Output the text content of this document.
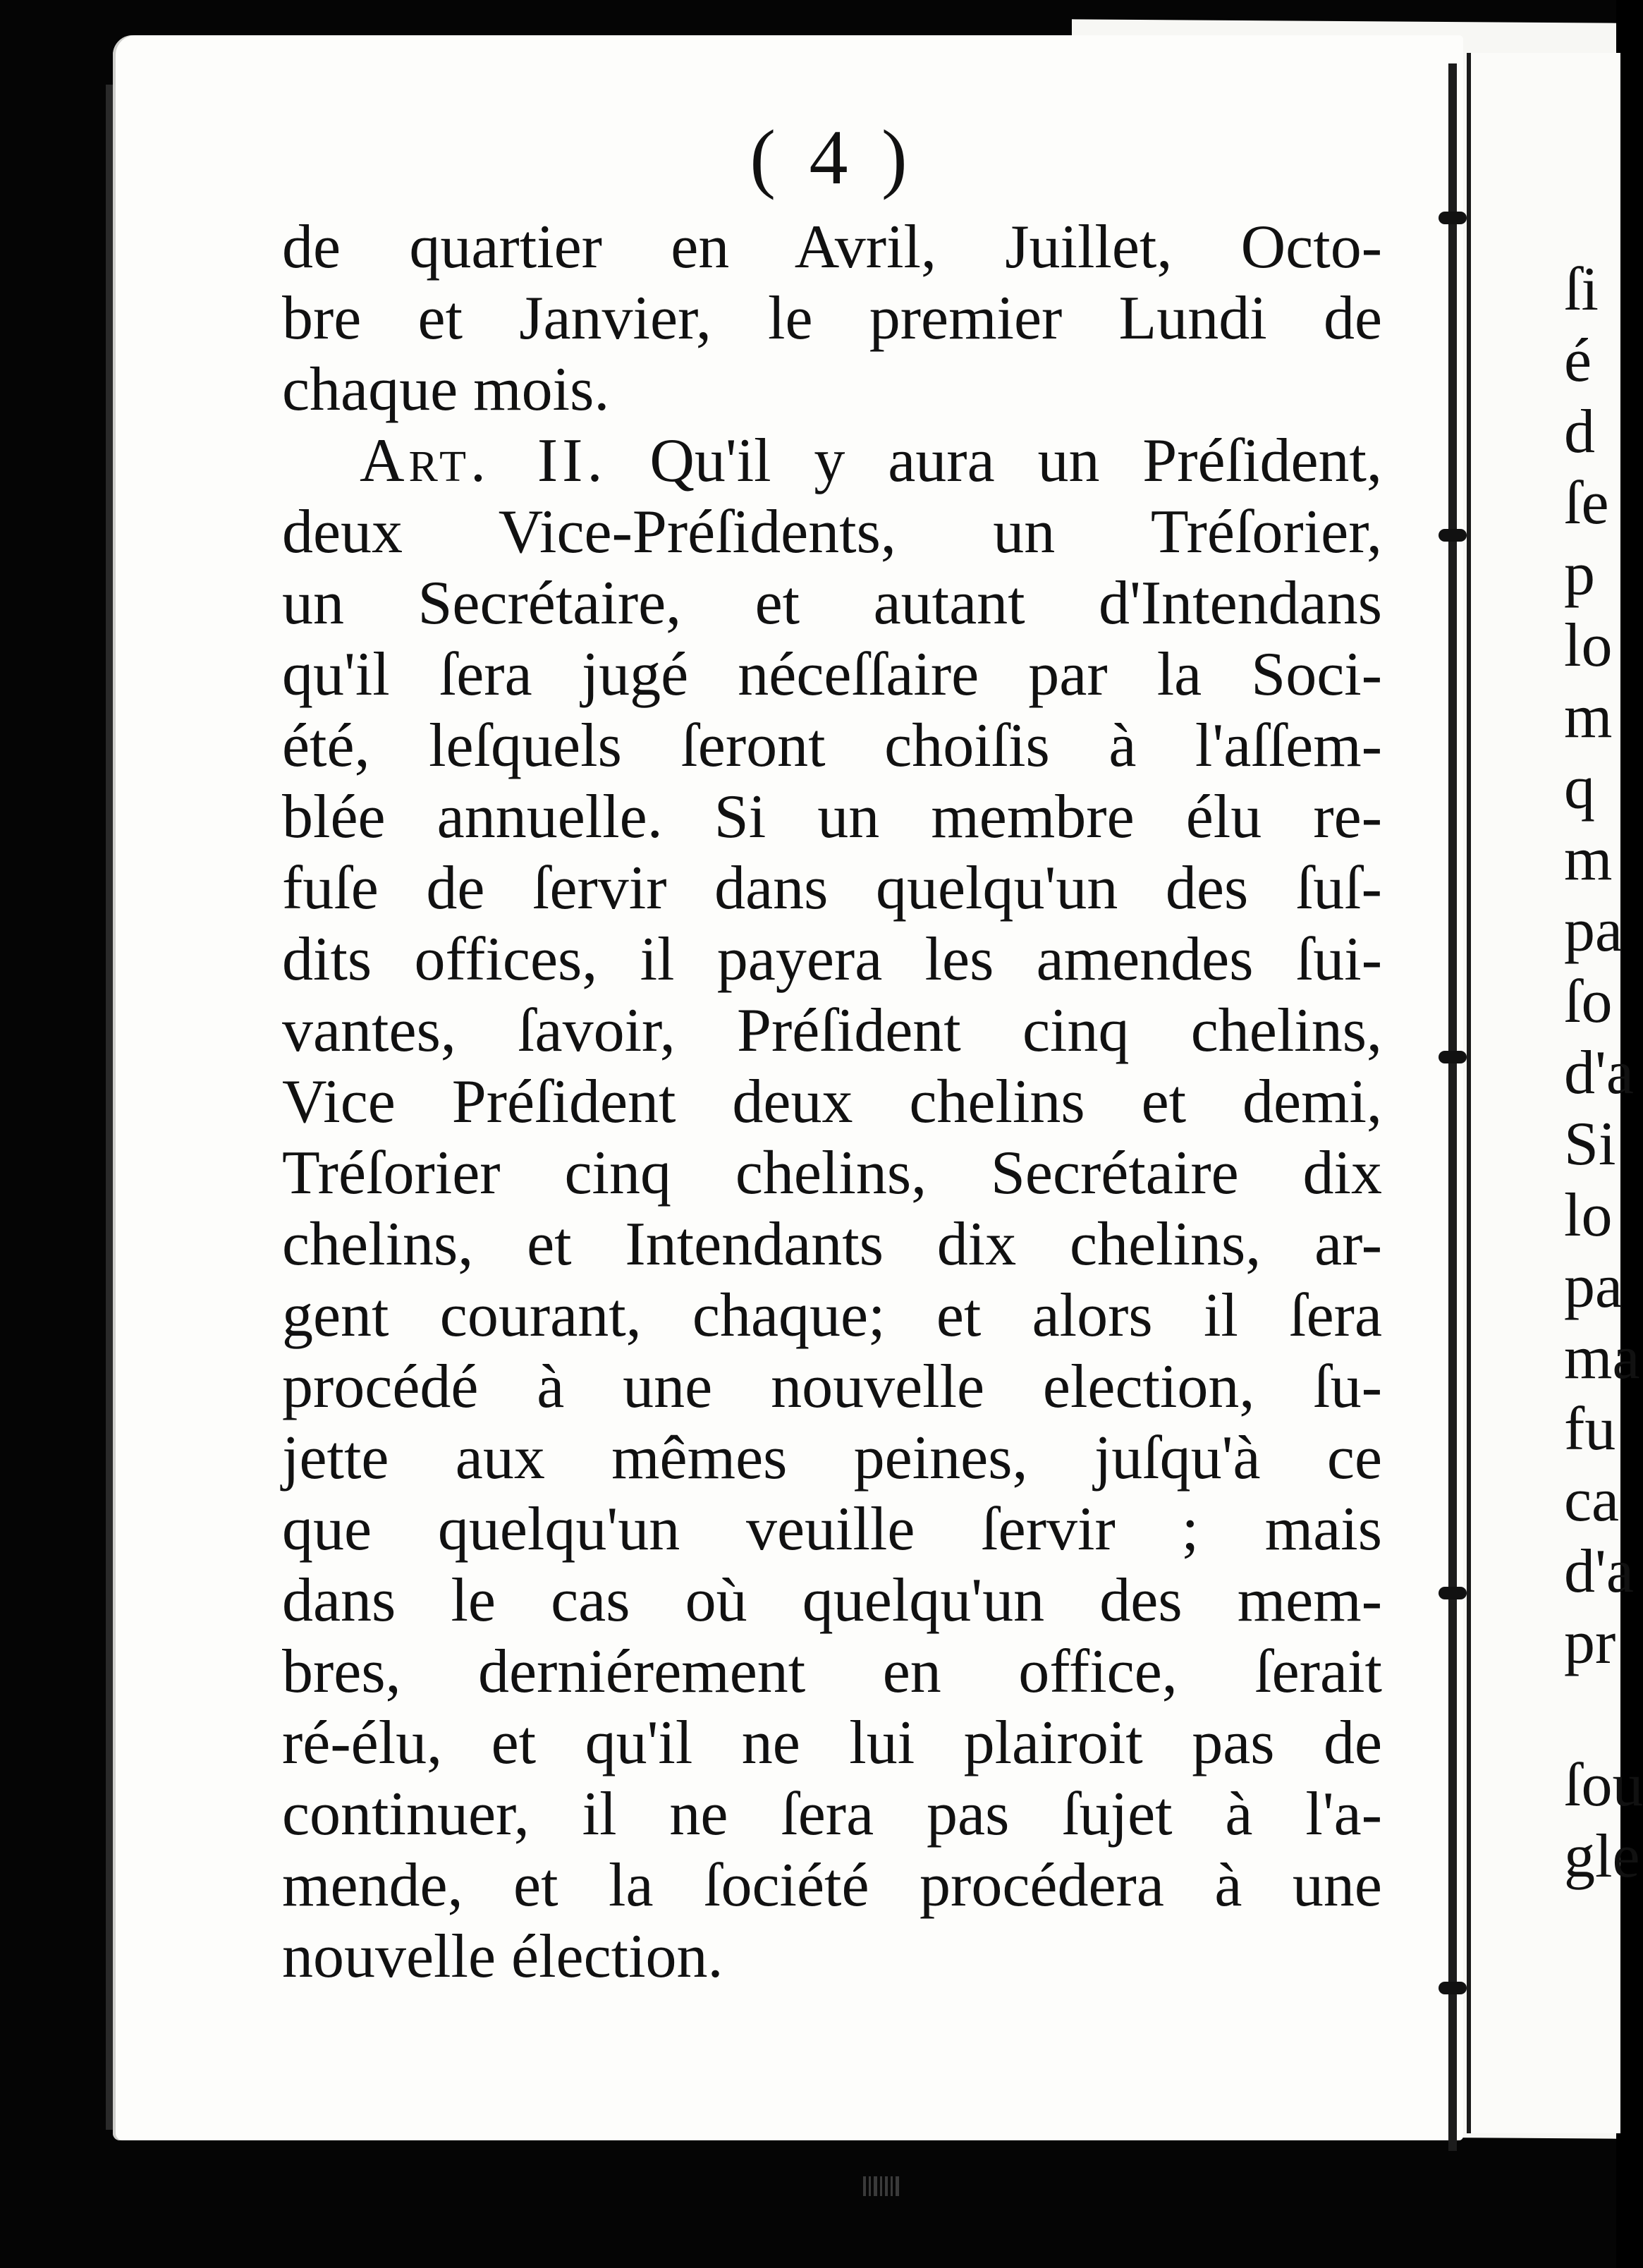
( 4 )
de quartier en Avril, Juillet, Octo-
bre et Janvier, le premier Lundi de
chaque mois.
Art. II. Qu'il y aura un Préſident,
deux Vice-Préſidents, un Tréſorier,
un Secrétaire, et autant d'Intendans
qu'il ſera jugé néceſſaire par la Soci-
été, leſquels ſeront choiſis à l'aſſem-
blée annuelle. Si un membre élu re-
fuſe de ſervir dans quelqu'un des ſuſ-
dits offices, il payera les amendes ſui-
vantes, ſavoir, Préſident cinq chelins,
Vice Préſident deux chelins et demi,
Tréſorier cinq chelins, Secrétaire dix
chelins, et Intendants dix chelins, ar-
gent courant, chaque; et alors il ſera
procédé à une nouvelle election, ſu-
jette aux mêmes peines, juſqu'à ce
que quelqu'un veuille ſervir ; mais
dans le cas où quelqu'un des mem-
bres, derniérement en office, ſerait
ré-élu, et qu'il ne lui plairoit pas de
continuer, il ne ſera pas ſujet à l'a-
mende, et la ſociété procédera à une
nouvelle élection.
ſi
é
d
ſe
p
lo
m
q
m
pa
ſo
d'a
Si
lo
pa
ma
fu
ca
d'a
pr
ſou
gle
